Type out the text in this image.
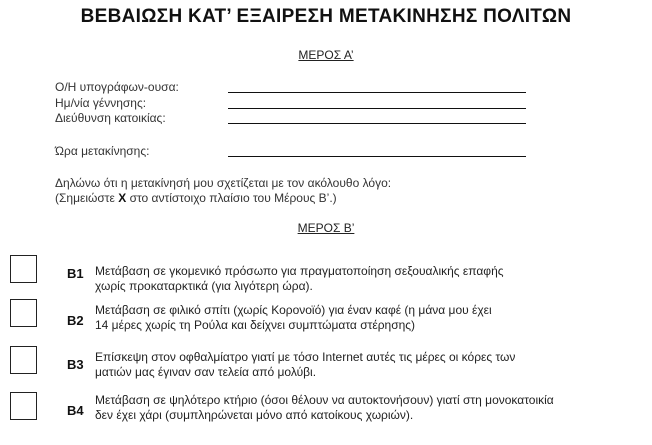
ΒΕΒΑΙΩΣΗ ΚΑΤ’ ΕΞΑΙΡΕΣΗ ΜΕΤΑΚΙΝΗΣΗΣ ΠΟΛΙΤΩΝ
ΜΕΡΟΣ Α’
Ο/Η υπογράφων-ουσα:
Ημ/νία γέννησης:
Διεύθυνση κατοικίας:
Ώρα μετακίνησης:
Δηλώνω ότι η μετακίνησή μου σχετίζεται με τον ακόλουθο λόγο:
(Σημειώστε Χ στο αντίστοιχο πλαίσιο του Μέρους Β’.)
ΜΕΡΟΣ Β’
B1 Μετάβαση σε γκομενικό πρόσωπο για πραγματοποίηση σεξουαλικής επαφής
χωρίς προκαταρκτικά (για λιγότερη ώρα).
B2
Μετάβαση σε φιλικό σπίτι (χωρίς Κορονοϊό) για έναν καφέ (η μάνα μου έχει
14 μέρες χωρίς τη Ρούλα και δείχνει συμπτώματα στέρησης)
B3 Επίσκεψη στον οφθαλμίατρο γιατί με τόσο Internet αυτές τις μέρες οι κόρες των
ματιών μας έγιναν σαν τελεία από μολύβι.
B4
Μετάβαση σε ψηλότερο κτήριο (όσοι θέλουν να αυτοκτονήσουν) γιατί στη μονοκατοικία
δεν έχει χάρι (συμπληρώνεται μόνο από κατοίκους χωριών).
